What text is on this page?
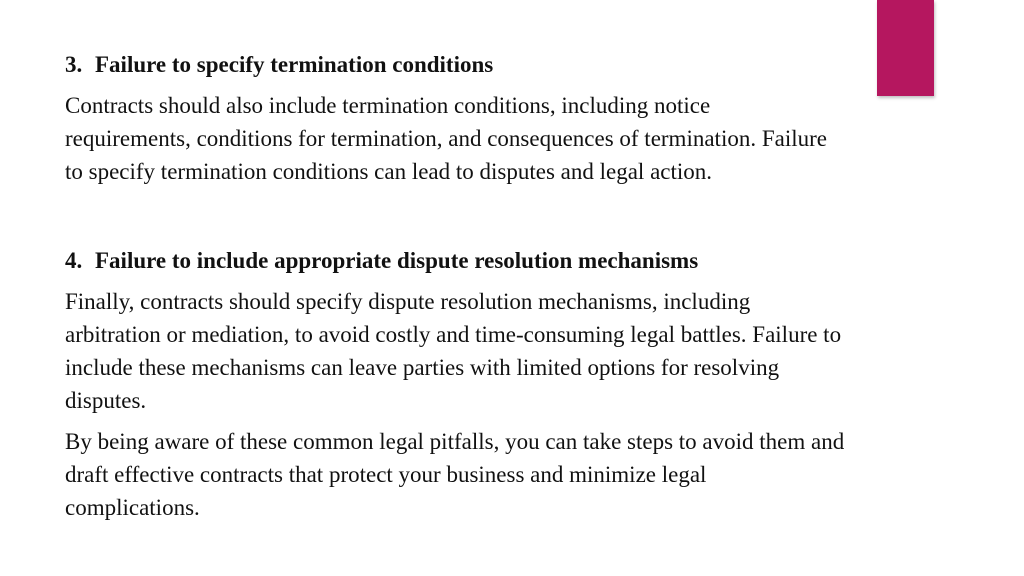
3. Failure to specify termination conditions

Contracts should also include termination conditions, including notice
requirements, conditions for termination, and consequences of termination. Failure
to specify termination conditions can lead to disputes and legal action.

4. Failure to include appropriate dispute resolution mechanisms

Finally, contracts should specify dispute resolution mechanisms, including
arbitration or mediation, to avoid costly and time-consuming legal battles. Failure to
include these mechanisms can leave parties with limited options for resolving
disputes.

By being aware of these common legal pitfalls, you can take steps to avoid them and
draft effective contracts that protect your business and minimize legal
complications.
